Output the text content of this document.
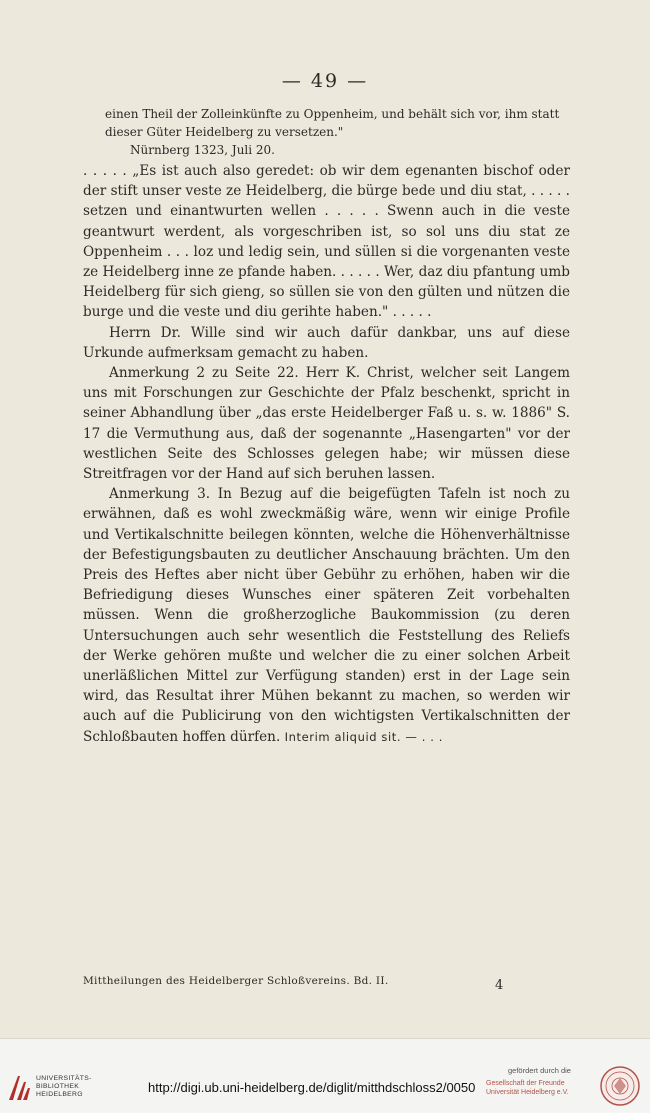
— 49 —

einen Theil der Zolleinkünfte zu Oppenheim, und behält sich vor, ihm statt

dieser Güter Heidelberg zu versetzen."

Nürnberg 1323, Juli 20.

. . . . . „Es ist auch also geredet: ob wir dem egenanten bischof oder der stift unser veste ze Heidelberg, die bürge bede und diu stat, . . . . . setzen und einantwurten wellen . . . . . Swenn auch in die veste geantwurt werdent, als vorgeschriben ist, so sol uns diu stat ze Oppenheim . . . loz und ledig sein, und süllen si die vorgenanten veste ze Heidelberg inne ze pfande haben. . . . . . Wer, daz diu pfantung umb Heidelberg für sich gieng, so süllen sie von den gülten und nützen die burge und die veste und diu gerihte haben." . . . . .

Herrn Dr. Wille sind wir auch dafür dankbar, uns auf diese Urkunde aufmerksam gemacht zu haben.

Anmerkung 2 zu Seite 22. Herr K. Christ, welcher seit Langem uns mit Forschungen zur Geschichte der Pfalz beschenkt, spricht in seiner Abhandlung über „das erste Heidelberger Faß u. s. w. 1886" S. 17 die Vermuthung aus, daß der sogenannte „Hasengarten" vor der westlichen Seite des Schlosses gelegen habe; wir müssen diese Streitfragen vor der Hand auf sich beruhen lassen.

Anmerkung 3. In Bezug auf die beigefügten Tafeln ist noch zu erwähnen, daß es wohl zweckmäßig wäre, wenn wir einige Profile und Vertikalschnitte beilegen könnten, welche die Höhenverhältnisse der Befestigungsbauten zu deutlicher Anschauung brächten. Um den Preis des Heftes aber nicht über Gebühr zu erhöhen, haben wir die Befriedigung dieses Wunsches einer späteren Zeit vorbehalten müssen. Wenn die großherzogliche Baukommission (zu deren Untersuchungen auch sehr wesentlich die Feststellung des Reliefs der Werke gehören mußte und welcher die zu einer solchen Arbeit unerläßlichen Mittel zur Verfügung standen) erst in der Lage sein wird, das Resultat ihrer Mühen bekannt zu machen, so werden wir auch auf die Publicirung von den wichtigsten Vertikalschnitten der Schloßbauten hoffen dürfen. Interim aliquid sit. — . . .

Mittheilungen des Heidelberger Schloßvereins. Bd. II.	4
UNIVERSITÄTS-
BIBLIOTHEK
HEIDELBERG	http://digi.ub.uni-heidelberg.de/diglit/mitthdschloss2/0050
gefördert durch die
Gesellschaft der Freunde
Universität Heidelberg e.V.
